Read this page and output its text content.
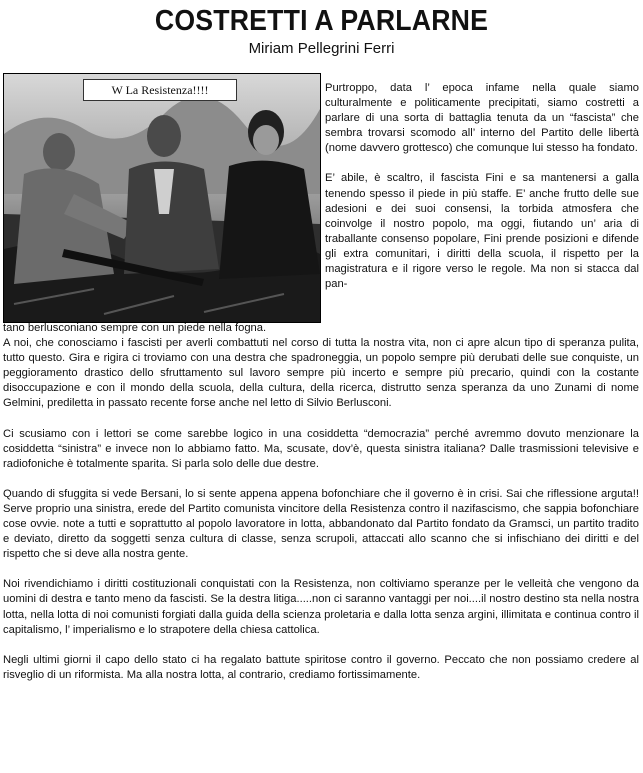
COSTRETTI A PARLARNE
Miriam Pellegrini Ferri
W La Resistenza!!!!	Purtroppo, data l’ epoca infame nella quale siamo culturalmente e politicamente precipitati, siamo costretti a parlare di una sorta di battaglia tenuta da un “fascista” che sembra trovarsi scomodo all’ interno del Partito delle libertà (nome davvero grottesco) che comunque lui stesso ha fondato.

E’ abile, è scaltro, il fascista Fini e sa mantenersi a galla tenendo spesso il piede in più staffe. E’ anche frutto delle sue adesioni e dei suoi consensi, la torbida atmosfera che coinvolge il nostro popolo, ma oggi, fiutando un’ aria di traballante consenso popolare, Fini prende posizioni e difende gli extra comunitari, i diritti della scuola, il rispetto per la magistratura e il rigore verso le regole. Ma non si stacca dal pan-

tano berlusconiano sempre con un piede nella fogna.

A noi, che conosciamo i fascisti per averli combattuti nel corso di tutta la nostra vita, non ci apre alcun tipo di speranza pulita, tutto questo. Gira e rigira ci troviamo con una destra che spadroneggia, un popolo sempre più derubati delle sue conquiste, un peggioramento drastico dello sfruttamento sul lavoro sempre più incerto e sempre più precario, quindi con la costante disoccupazione e con il mondo della scuola, della cultura, della ricerca, distrutto senza speranza da uno Zunami di nome Gelmini, prediletta in passato recente forse anche nel letto di Silvio Berlusconi.

Ci scusiamo con i lettori se come sarebbe logico in una cosiddetta “democrazia” perché avremmo dovuto menzionare la cosiddetta “sinistra” e invece non lo abbiamo fatto. Ma, scusate, dov’è, questa sinistra italiana? Dalle trasmissioni televisive e radiofoniche è totalmente sparita. Si parla solo delle due destre.

Quando di sfuggita si vede Bersani, lo si sente appena appena bofonchiare che il governo è in crisi. Sai che riflessione arguta!! Serve proprio una sinistra, erede del Partito comunista vincitore della Resistenza contro il nazifascismo, che sappia bofonchiare cose ovvie. note a tutti e soprattutto al popolo lavoratore in lotta, abbandonato dal Partito fondato da Gramsci, un partito tradito e deviato, diretto da soggetti senza cultura di classe, senza scrupoli, attaccati allo scanno che si infischiano dei diritti e del rispetto che si deve alla nostra gente.

Noi rivendichiamo i diritti costituzionali conquistati con la Resistenza, non coltiviamo speranze per le velleità che vengono da uomini di destra e tanto meno da fascisti. Se la destra litiga.....non ci saranno vantaggi per noi....il nostro destino sta nella nostra lotta, nella lotta di noi comunisti forgiati dalla guida della scienza proletaria e dalla lotta senza argini, illimitata e continua contro il capitalismo, l’ imperialismo e lo strapotere della chiesa cattolica.

Negli ultimi giorni il capo dello stato ci ha regalato battute spiritose contro il governo. Peccato che non possiamo credere al risveglio di un riformista. Ma alla nostra lotta, al contrario, crediamo fortissimamente.
